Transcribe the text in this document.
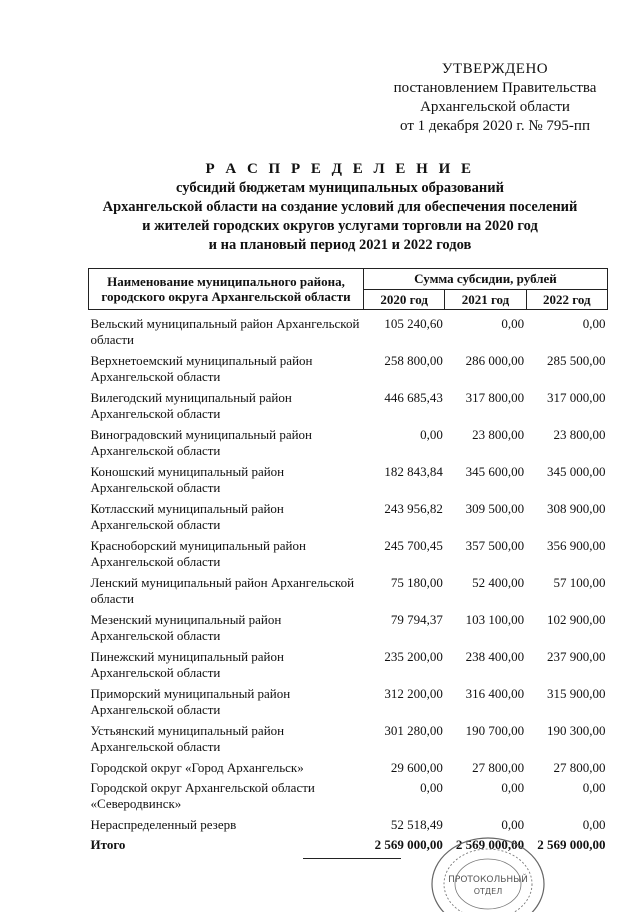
УТВЕРЖДЕНО
постановлением Правительства
Архангельской области
от 1 декабря 2020 г. № 795-пп
Р А С П Р Е Д Е Л Е Н И Е
субсидий бюджетам муниципальных образований
Архангельской области на создание условий для обеспечения поселений
и жителей городских округов услугами торговли на 2020 год
и на плановый период 2021 и 2022 годов
Наименование муниципального района, городского округа Архангельской области	Сумма субсидии, рублей		
	2020 год	2021 год	2022 год

Вельский муниципальный район Архангельской области	105 240,60	0,00	0,00
Верхнетоемский муниципальный район Архангельской области	258 800,00	286 000,00	285 500,00
Вилегодский муниципальный район Архангельской области	446 685,43	317 800,00	317 000,00
Виноградовский муниципальный район Архангельской области	0,00	23 800,00	23 800,00
Коношский муниципальный район Архангельской области	182 843,84	345 600,00	345 000,00
Котласский муниципальный район Архангельской области	243 956,82	309 500,00	308 900,00
Красноборский муниципальный район Архангельской области	245 700,45	357 500,00	356 900,00
Ленский муниципальный район Архангельской области	75 180,00	52 400,00	57 100,00
Мезенский муниципальный район Архангельской области	79 794,37	103 100,00	102 900,00
Пинежский муниципальный район Архангельской области	235 200,00	238 400,00	237 900,00
Приморский муниципальный район Архангельской области	312 200,00	316 400,00	315 900,00
Устьянский муниципальный район Архангельской области	301 280,00	190 700,00	190 300,00
Городской округ «Город Архангельск»	29 600,00	27 800,00	27 800,00
Городской округ Архангельской области «Северодвинск»	0,00	0,00	0,00
Нераспределенный резерв	52 518,49	0,00	0,00
Итого	2 569 000,00	2 569 000,00	2 569 000,00
ПРОТОКОЛЬНЫЙ
ОТДЕЛ
